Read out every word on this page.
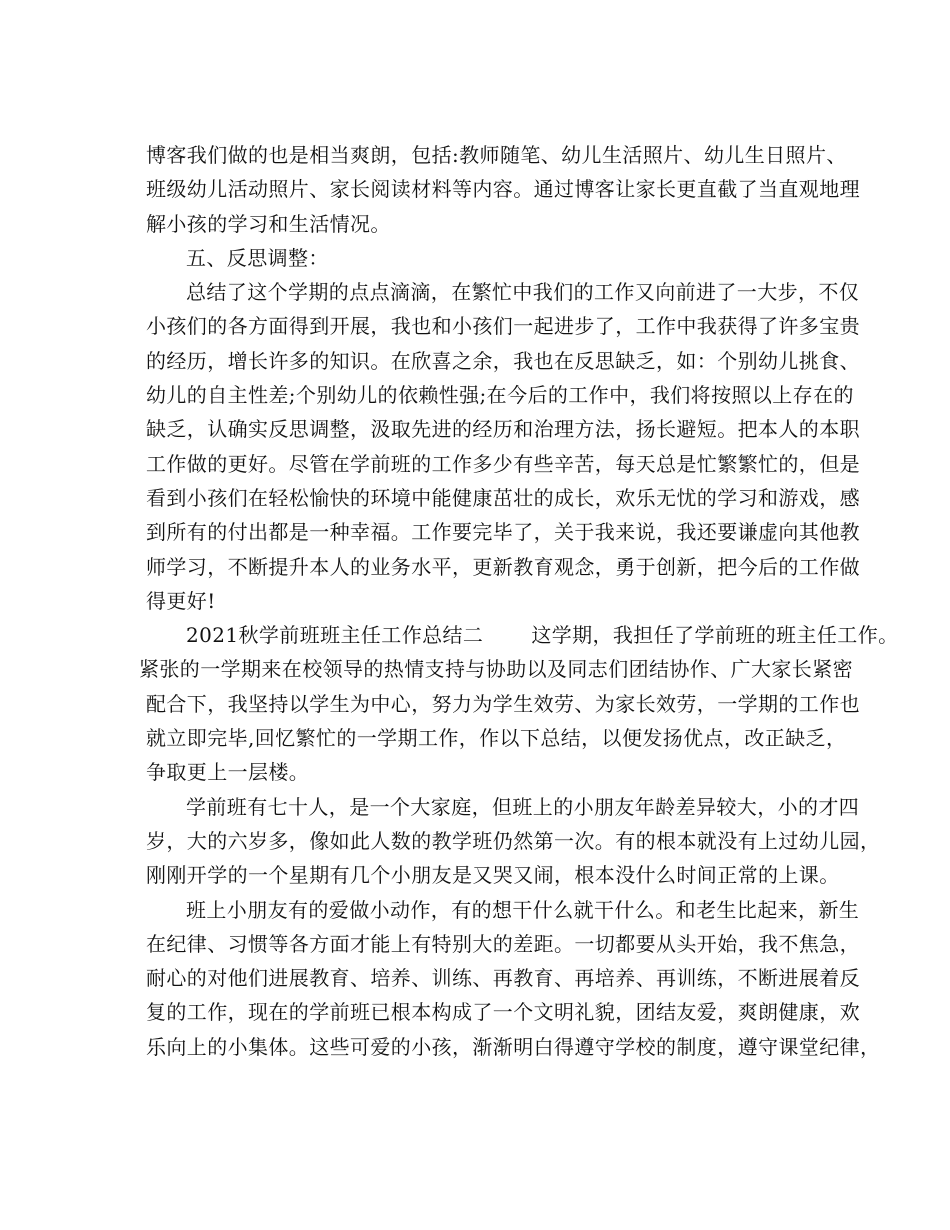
博客我们做的也是相当爽朗，包括:教师随笔、幼儿生活照片、幼儿生日照片、
班级幼儿活动照片、家长阅读材料等内容。通过博客让家长更直截了当直观地理
解小孩的学习和生活情况。
五、反思调整：
总结了这个学期的点点滴滴，在繁忙中我们的工作又向前进了一大步，不仅
小孩们的各方面得到开展，我也和小孩们一起进步了，工作中我获得了许多宝贵
的经历，增长许多的知识。在欣喜之余，我也在反思缺乏，如：个别幼儿挑食、
幼儿的自主性差;个别幼儿的依赖性强;在今后的工作中，我们将按照以上存在的
缺乏，认确实反思调整，汲取先进的经历和治理方法，扬长避短。把本人的本职
工作做的更好。尽管在学前班的工作多少有些辛苦，每天总是忙繁繁忙的，但是
看到小孩们在轻松愉快的环境中能健康茁壮的成长，欢乐无忧的学习和游戏，感
到所有的付出都是一种幸福。工作要完毕了，关于我来说，我还要谦虚向其他教
师学习，不断提升本人的业务水平，更新教育观念，勇于创新，把今后的工作做
得更好!
2021秋学前班班主任工作总结二 这学期，我担任了学前班的班主任工作。
紧张的一学期来在校领导的热情支持与协助以及同志们团结协作、广大家长紧密
配合下，我坚持以学生为中心，努力为学生效劳、为家长效劳，一学期的工作也
就立即完毕,回忆繁忙的一学期工作，作以下总结，以便发扬优点，改正缺乏，
争取更上一层楼。
学前班有七十人，是一个大家庭，但班上的小朋友年龄差异较大，小的才四
岁，大的六岁多，像如此人数的教学班仍然第一次。有的根本就没有上过幼儿园，
刚刚开学的一个星期有几个小朋友是又哭又闹，根本没什么时间正常的上课。
班上小朋友有的爱做小动作，有的想干什么就干什么。和老生比起来，新生
在纪律、习惯等各方面才能上有特别大的差距。一切都要从头开始，我不焦急，
耐心的对他们进展教育、培养、训练、再教育、再培养、再训练，不断进展着反
复的工作，现在的学前班已根本构成了一个文明礼貌，团结友爱，爽朗健康，欢
乐向上的小集体。这些可爱的小孩，渐渐明白得遵守学校的制度，遵守课堂纪律，
